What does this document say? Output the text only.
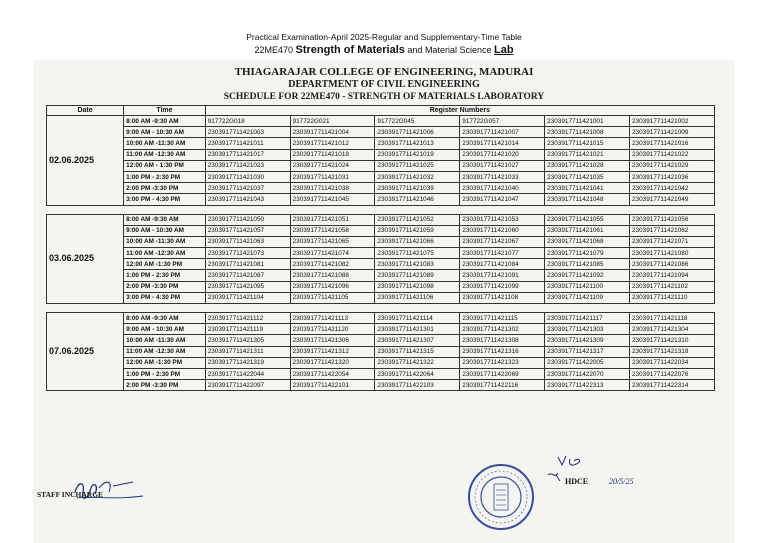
Practical Examination-April 2025-Regular and Supplementary-Time Table
22ME470 Strength of Materials and Material Science Lab
THIAGARAJAR COLLEGE OF ENGINEERING, MADURAI
DEPARTMENT OF CIVIL ENGINEERING
SCHEDULE FOR 22ME470 - STRENGTH OF MATERIALS LABORATORY
Date	Time	Register Numbers					
02.06.2025	8:00 AM -9:30 AM	917722G018	917722G021	917722G045	917722G057	2303917711421001	2303917711421002
	9:00 AM - 10:30 AM	2303917711421003	2303917711421004	2303917711421006	2303917711421007	2303917711421008	2303917711421009
	10:00 AM -11:30 AM	2303917711421011	2303917711421012	2303917711421013	2303917711421014	2303917711421015	2303917711421016
	11:00 AM -12:30 AM	2303917711421017	2303917711421018	2303917711421019	2303917711421020	2303917711421021	2303917711421022
	12:00 AM - 1:30 PM	2303917711421023	2303917711421024	2303917711421025	2303917711421027	2303917711421028	2303917711421029
	1:00 PM - 2:30 PM	2303917711421030	2303917711421031	2303917711421032	2303917711421033	2303917711421035	2303917711421036
	2:00 PM -3:30 PM	2303917711421037	2303917711421038	2303917711421039	2303917711421040	2303917711421041	2303917711421042
	3:00 PM - 4:30 PM	2303917711421043	2303917711421045	2303917711421046	2303917711421047	2303917711421048	2303917711421049

03.06.2025	8:00 AM -9:30 AM	2303917711421050	2303917711421051	2303917711421052	2303917711421053	2303917711421055	2303917711421056
	9:00 AM - 10:30 AM	2303917711421057	2303917711421058	2303917711421059	2303917711421060	2303917711421061	2303917711421062
	10:00 AM -11:30 AM	2303917711421063	2303917711421065	2303917711421066	2303917711421067	2303917711421068	2303917711421071
	11:00 AM -12:30 AM	2303917711421073	2303917711421074	2303917711421075	2303917711421077	2303917711421079	2303917711421080
	12:00 AM -1:30 PM	2303917711421081	2303917711421082	2303917711421083	2303917711421084	2303917711421085	2303917711421086
	1:00 PM - 2:30 PM	2303917711421087	2303917711421088	2303917711421089	2303917711421091	2303917711421092	2303917711421094
	2:00 PM -3:30 PM	2303917711421095	2303917711421096	2303917711421098	2303917711421099	2303917711421100	2303917711421102
	3:00 PM - 4:30 PM	2303917711421104	2303917711421105	2303917711421106	2303917711421108	2303917711421109	2303917711421110

07.06.2025	8:00 AM -9:30 AM	2303917711421112	2303917711421113	2303917711421114	2303917711421115	2303917711421117	2303917711421118
	9:00 AM - 10:30 AM	2303917711421119	2303917711421120	2303917711421301	2303917711421302	2303917711421303	2303917711421304
	10:00 AM -11:30 AM	2303917711421305	2303917711421306	2303917711421307	2303917711421308	2303917711421309	2303917711421310
	11:00 AM -12:30 AM	2303917711421311	2303917711421312	2303917711421315	2303917711421316	2303917711421317	2303917711421318
	12:00 AM -1:30 PM	2303917711421319	2303917711421320	2303917711421322	2303917711421323	2303917711422005	2303917711422034
	1:00 PM - 2:30 PM	2303917711422044	2303917711422054	2303917711422064	2303917711422069	2303917711422070	2303917711422076
	2:00 PM -3:30 PM	2303917711422097	2303917711422101	2303917711422103	2303917711422116	2303917711422313	2303917711422314
HDCE	20/5/25
STAFF INCHARGE
